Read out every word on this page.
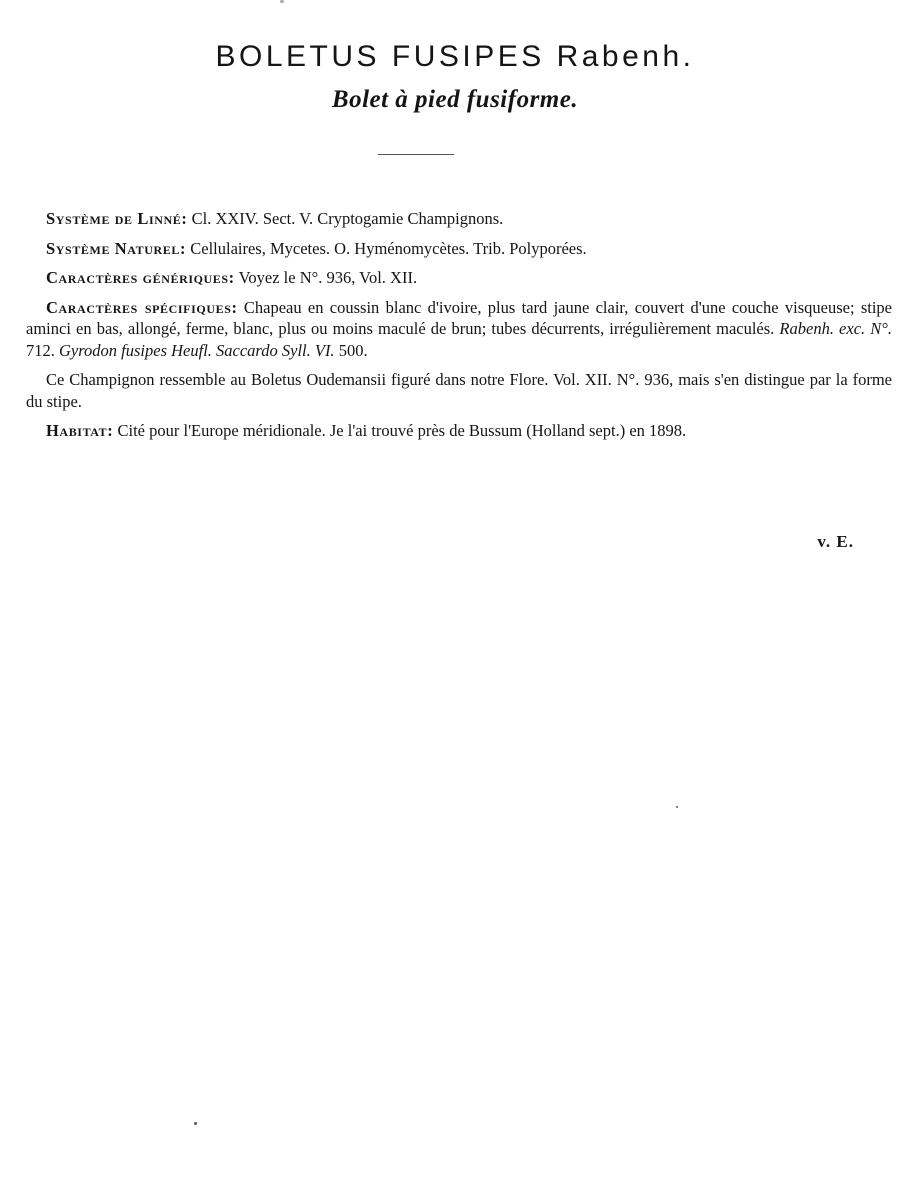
BOLETUS FUSIPES Rabenh.
Bolet à pied fusiforme.

Système de Linné: Cl. XXIV. Sect. V. Cryptogamie Champignons.

Système Naturel: Cellulaires, Mycetes. O. Hyménomycètes. Trib. Polyporées.

Caractères génériques: Voyez le N°. 936, Vol. XII.

Caractères spécifiques: Chapeau en coussin blanc d'ivoire, plus tard jaune clair, couvert d'une couche visqueuse; stipe aminci en bas, allongé, ferme, blanc, plus ou moins maculé de brun; tubes décurrents, irrégulièrement maculés. Rabenh. exc. N°. 712. Gyrodon fusipes Heufl. Saccardo Syll. VI. 500.

Ce Champignon ressemble au Boletus Oudemansii figuré dans notre Flore. Vol. XII. N°. 936, mais s'en distingue par la forme du stipe.

Habitat: Cité pour l'Europe méridionale. Je l'ai trouvé près de Bussum (Holland sept.) en 1898.

v. E.
